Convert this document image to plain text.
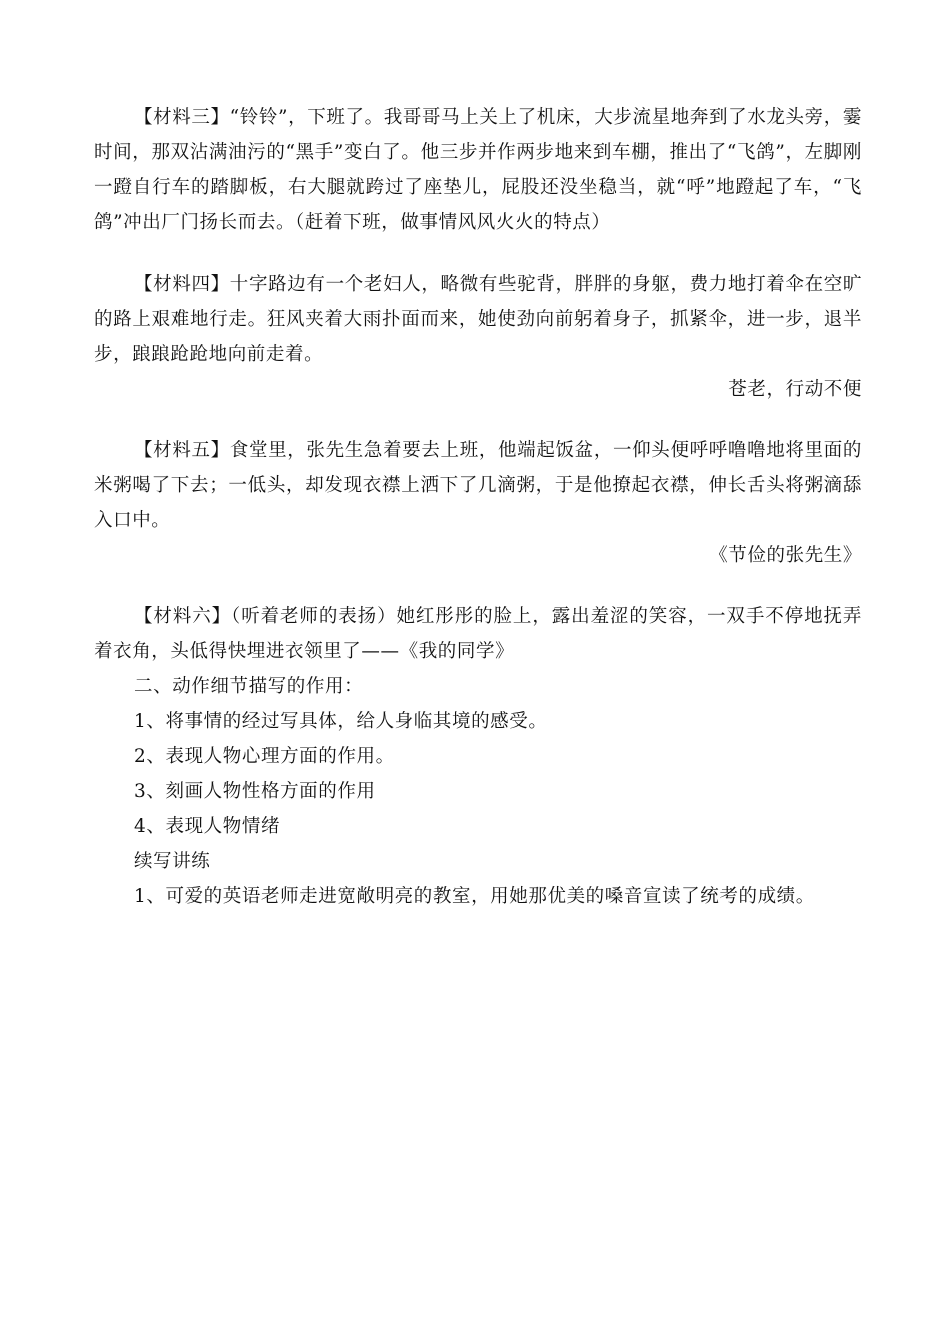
【材料三】“铃铃”，下班了。我哥哥马上关上了机床，大步流星地奔到了水龙头旁，霎时间，那双沾满油污的“黑手”变白了。他三步并作两步地来到车棚，推出了“飞鸽”，左脚刚一蹬自行车的踏脚板，右大腿就跨过了座垫儿，屁股还没坐稳当，就“呼”地蹬起了车，“飞鸽”冲出厂门扬长而去。（赶着下班，做事情风风火火的特点）

【材料四】十字路边有一个老妇人，略微有些驼背，胖胖的身躯，费力地打着伞在空旷的路上艰难地行走。狂风夹着大雨扑面而来，她使劲向前躬着身子，抓紧伞，进一步，退半步，踉踉跄跄地向前走着。

苍老，行动不便

【材料五】食堂里，张先生急着要去上班，他端起饭盆，一仰头便呼呼噜噜地将里面的米粥喝了下去；一低头，却发现衣襟上洒下了几滴粥，于是他撩起衣襟，伸长舌头将粥滴舔入口中。

《节俭的张先生》

【材料六】（听着老师的表扬）她红彤彤的脸上，露出羞涩的笑容，一双手不停地抚弄着衣角，头低得快埋进衣领里了——《我的同学》

二、动作细节描写的作用：

1、将事情的经过写具体，给人身临其境的感受。

2、表现人物心理方面的作用。

3、刻画人物性格方面的作用

4、表现人物情绪

续写讲练

1、可爱的英语老师走进宽敞明亮的教室，用她那优美的嗓音宣读了统考的成绩。
